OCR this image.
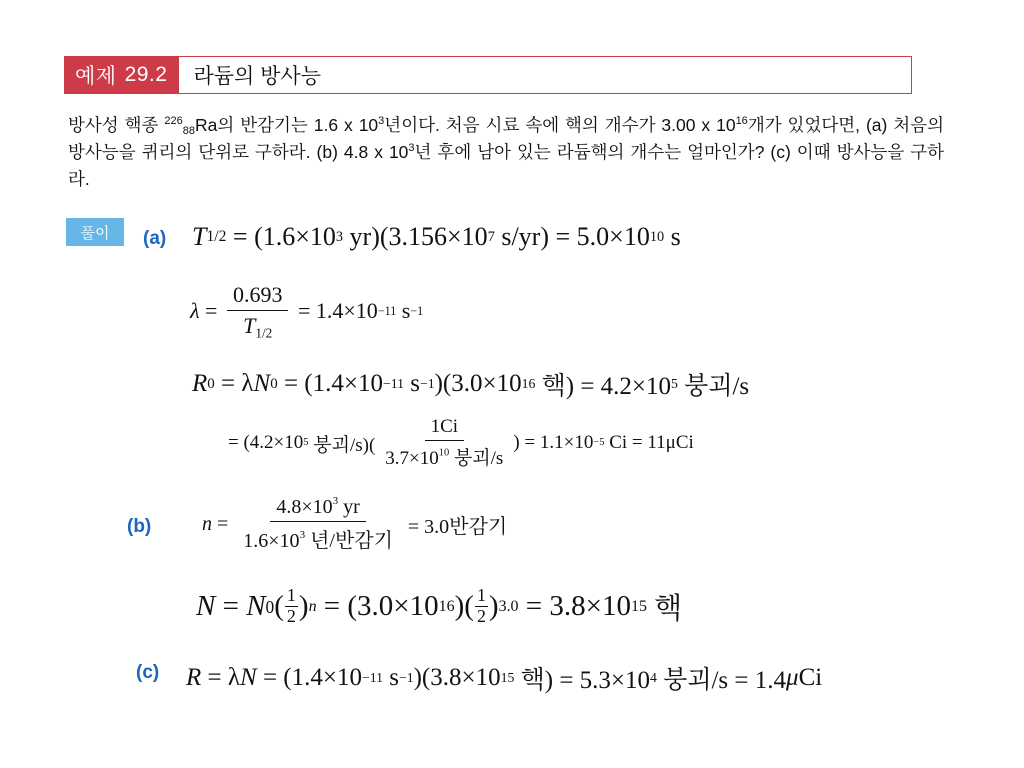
예제 29.2	라듐의 방사능
방사성 핵종 $^{226}_{88}$Ra의 반감기는 1.6 x $10^3$년이다. 처음 시료 속에 핵의 개수가 3.00 x $10^{16}$개가 있었다면, (a) 처음의 방사능을 퀴리의 단위로 구하라. (b) 4.8 x $10^3$년 후에 남아 있는 라듐핵의 개수는 얼마인가? (c) 이때 방사능을 구하라.
풀이	(a)
(b)
(c)
T 1/2 = (1.6×10 3 yr)(3.156×10 7 s/yr) = 5.0×10 10 s
$\lambda = \frac{0.693}{T_{1/2}} = 1.4\times 10 -11$ s −1
R 0 = λ N 0 = (1.4×10 −11 s −1 )(3.0×10 16 핵) = 4.2×10 5 붕괴/s
= (4.2×10 5 붕괴$/s)( \frac{1Ci}{3.7\times 10^{10} 붕괴/s}$ ) = 1.1×10 −5 Ci = 11μCi
$n = \frac{4.8\times 10^3 yr}{1.6\times 10^3 년/반감기} = 3.0$반감기
N = N 0 ( $\frac{1}{2}$ ) n = (3.0×10 16 )( $\frac{1}{2}$ ) 3.0 = 3.8×10 15 핵
R = λ N = (1.4×10 −11 s −1 )(3.8×10 15 핵) = 5.3×10 4 붕괴/s = 1.4 μ Ci
